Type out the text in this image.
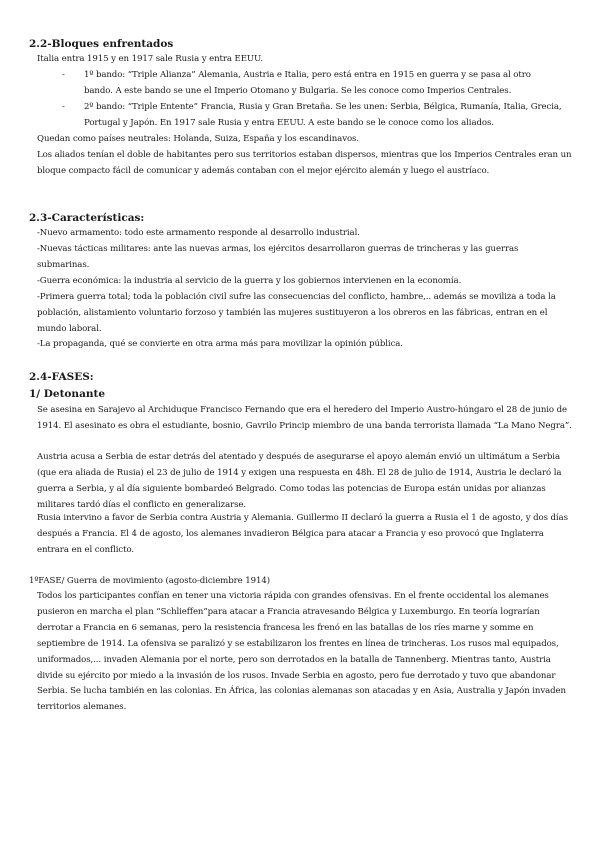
2.2-Bloques enfrentados
Italia entra 1915 y en 1917 sale Rusia y entra EEUU.
- 1º bando: “Triple Alianza” Alemania, Austria e Italia, pero está entra en 1915 en guerra y se pasa al otro bando. A este bando se une el Imperio Otomano y Bulgaria. Se les conoce como Imperios Centrales.
- 2º bando: “Triple Entente” Francia, Rusia y Gran Bretaña. Se les unen: Serbia, Bélgica, Rumanía, Italia, Grecia, Portugal y Japón. En 1917 sale Rusia y entra EEUU. A este bando se le conoce como los aliados.
Quedan como países neutrales: Holanda, Suiza, España y los escandinavos.
Los aliados tenían el doble de habitantes pero sus territorios estaban dispersos, mientras que los Imperios Centrales eran un bloque compacto fácil de comunicar y además contaban con el mejor ejército alemán y luego el austríaco.
2.3-Características:
-Nuevo armamento: todo este armamento responde al desarrollo industrial.
-Nuevas tácticas militares: ante las nuevas armas, los ejércitos desarrollaron guerras de trincheras y las guerras submarinas.
-Guerra económica: la industria al servicio de la guerra y los gobiernos intervienen en la economía.
-Primera guerra total; toda la población civil sufre las consecuencias del conflicto, hambre,.. además se moviliza a toda la población, alistamiento voluntario forzoso y también las mujeres sustituyeron a los obreros en las fábricas, entran en el mundo laboral.
-La propaganda, qué se convierte en otra arma más para movilizar la opinión pública.
2.4-FASES:
1/ Detonante
Se asesina en Sarajevo al Archiduque Francisco Fernando que era el heredero del Imperio Austro-húngaro el 28 de junio de 1914. El asesinato es obra el estudiante, bosnio, Gavrilo Princip miembro de una banda terrorista llamada “La Mano Negra”.
Austria acusa a Serbia de estar detrás del atentado y después de asegurarse el apoyo alemán envió un ultimátum a Serbia (que era aliada de Rusia) el 23 de julio de 1914 y exigen una respuesta en 48h. El 28 de julio de 1914, Austria le declaró la guerra a Serbia, y al día siguiente bombardeó Belgrado. Como todas las potencias de Europa están unidas por alianzas militares tardó días el conflicto en generalizarse.
Rusia intervino a favor de Serbia contra Austria y Alemania. Guillermo II declaró la guerra a Rusia el 1 de agosto, y dos días después a Francia. El 4 de agosto, los alemanes invadieron Bélgica para atacar a Francia y eso provocó que Inglaterra entrara en el conflicto.
1ºFASE/ Guerra de movimiento (agosto-diciembre 1914)
Todos los participantes confían en tener una victoria rápida con grandes ofensivas. En el frente occidental los alemanes pusieron en marcha el plan “Schlieffen”para atacar a Francia atravesando Bélgica y Luxemburgo. En teoría lograrían derrotar a Francia en 6 semanas, pero la resistencia francesa les frenó en las batallas de los ríes marne y somme en septiembre de 1914. La ofensiva se paralizó y se estabilizaron los frentes en línea de trincheras. Los rusos mal equipados, uniformados,... invaden Alemania por el norte, pero son derrotados en la batalla de Tannenberg. Mientras tanto, Austria divide su ejército por miedo a la invasión de los rusos. Invade Serbia en agosto, pero fue derrotado y tuvo que abandonar Serbia. Se lucha también en las colonias. En África, las colonias alemanas son atacadas y en Asia, Australia y Japón invaden territorios alemanes.
